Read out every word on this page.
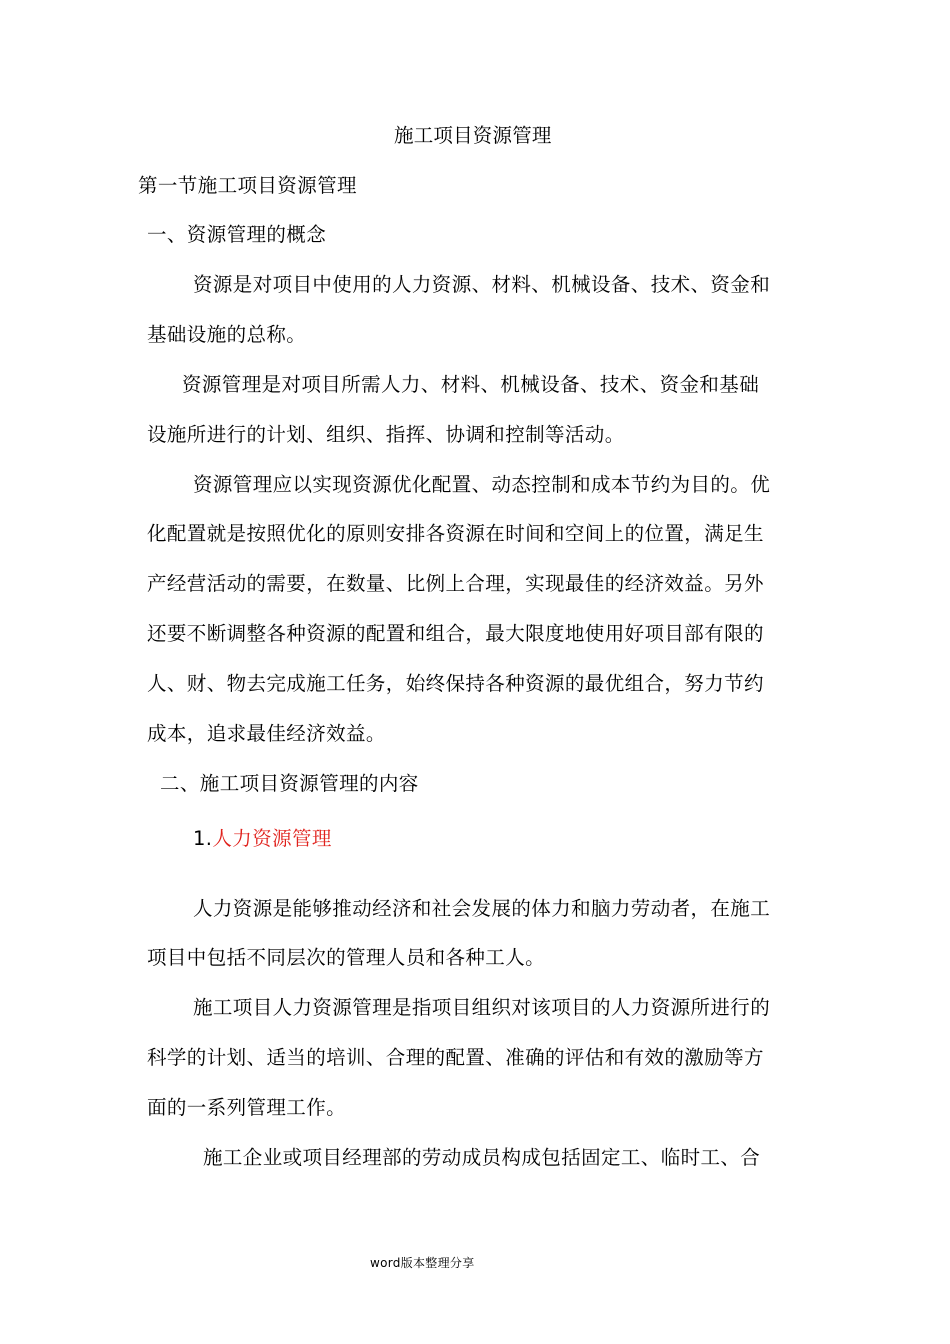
施工项目资源管理
第一节施工项目资源管理
一、资源管理的概念
资源是对项目中使用的人力资源、材料、机械设备、技术、资金和
基础设施的总称。
资源管理是对项目所需人力、材料、机械设备、技术、资金和基础
设施所进行的计划、组织、指挥、协调和控制等活动。
资源管理应以实现资源优化配置、动态控制和成本节约为目的。优
化配置就是按照优化的原则安排各资源在时间和空间上的位置，满足生
产经营活动的需要，在数量、比例上合理，实现最佳的经济效益。另外
还要不断调整各种资源的配置和组合，最大限度地使用好项目部有限的
人、财、物去完成施工任务，始终保持各种资源的最优组合，努力节约
成本，追求最佳经济效益。
二、施工项目资源管理的内容
1.人力资源管理
人力资源是能够推动经济和社会发展的体力和脑力劳动者，在施工
项目中包括不同层次的管理人员和各种工人。
施工项目人力资源管理是指项目组织对该项目的人力资源所进行的
科学的计划、适当的培训、合理的配置、准确的评估和有效的激励等方
面的一系列管理工作。
施工企业或项目经理部的劳动成员构成包括固定工、临时工、合
word版本整理分享
